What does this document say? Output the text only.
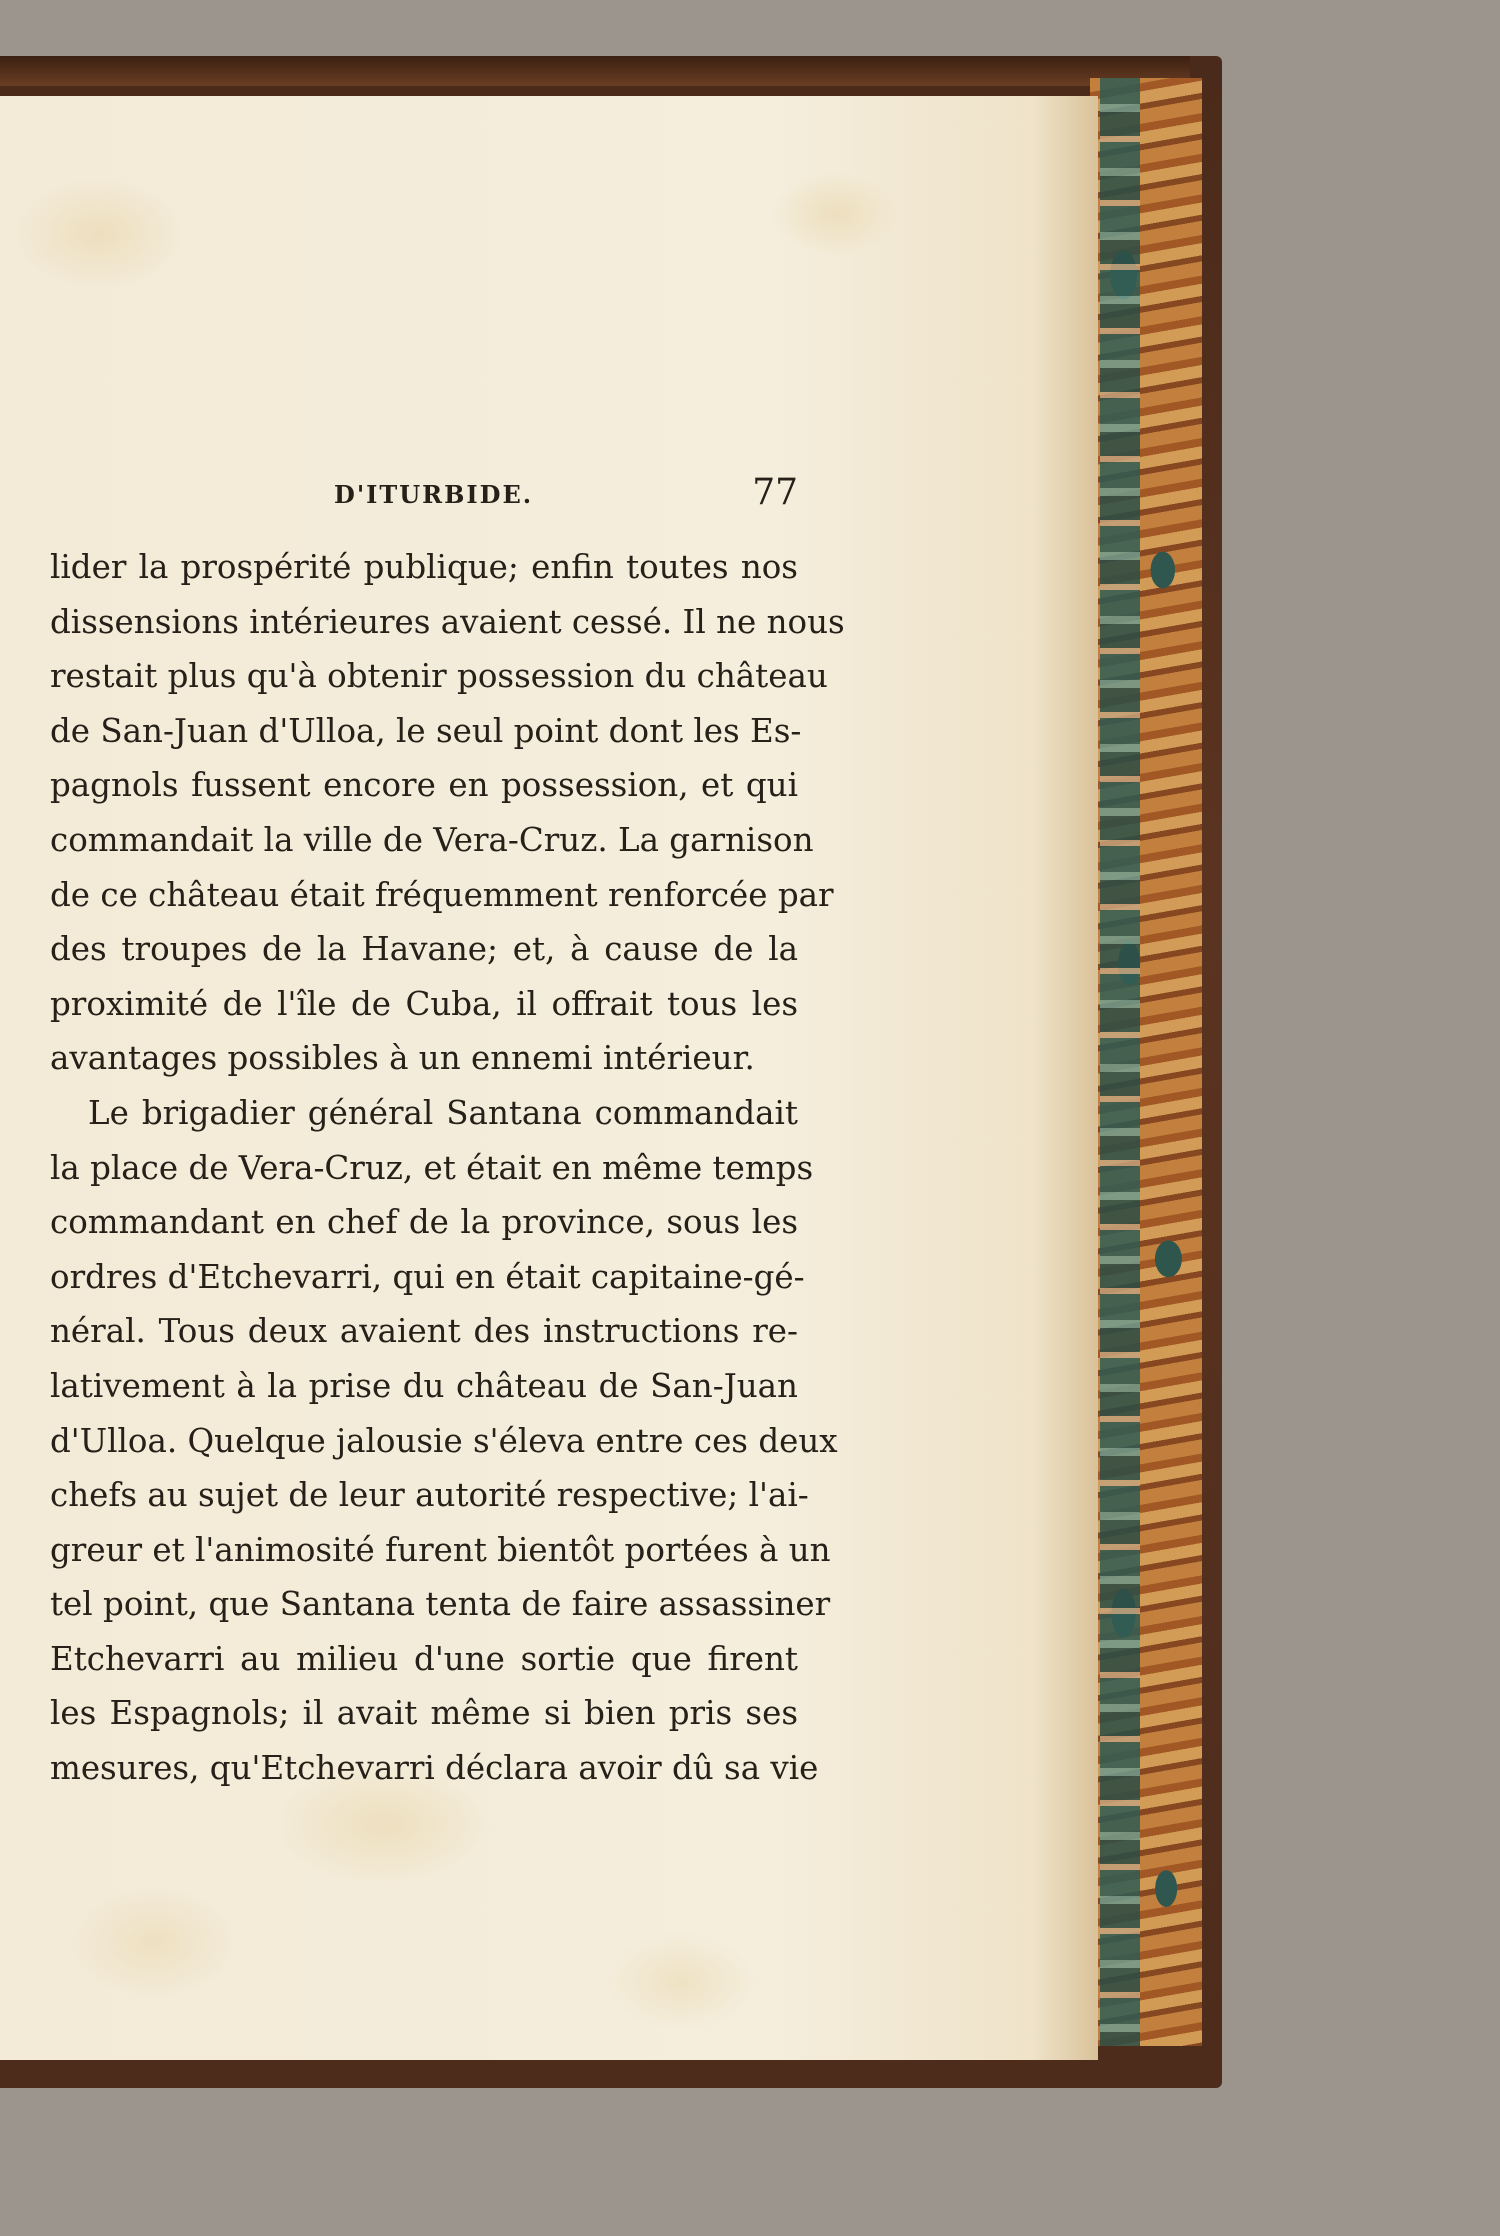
D'ITURBIDE.	77
lider la prospérité publique; enfin toutes nos
dissensions intérieures avaient cessé. Il ne nous
restait plus qu'à obtenir possession du château
de San-Juan d'Ulloa, le seul point dont les Es-
pagnols fussent encore en possession, et qui
commandait la ville de Vera-Cruz. La garnison
de ce château était fréquemment renforcée par
des troupes de la Havane; et, à cause de la
proximité de l'île de Cuba, il offrait tous les
avantages possibles à un ennemi intérieur.
Le brigadier général Santana commandait
la place de Vera-Cruz, et était en même temps
commandant en chef de la province, sous les
ordres d'Etchevarri, qui en était capitaine-gé-
néral. Tous deux avaient des instructions re-
lativement à la prise du château de San-Juan
d'Ulloa. Quelque jalousie s'éleva entre ces deux
chefs au sujet de leur autorité respective; l'ai-
greur et l'animosité furent bientôt portées à un
tel point, que Santana tenta de faire assassiner
Etchevarri au milieu d'une sortie que firent
les Espagnols; il avait même si bien pris ses
mesures, qu'Etchevarri déclara avoir dû sa vie
